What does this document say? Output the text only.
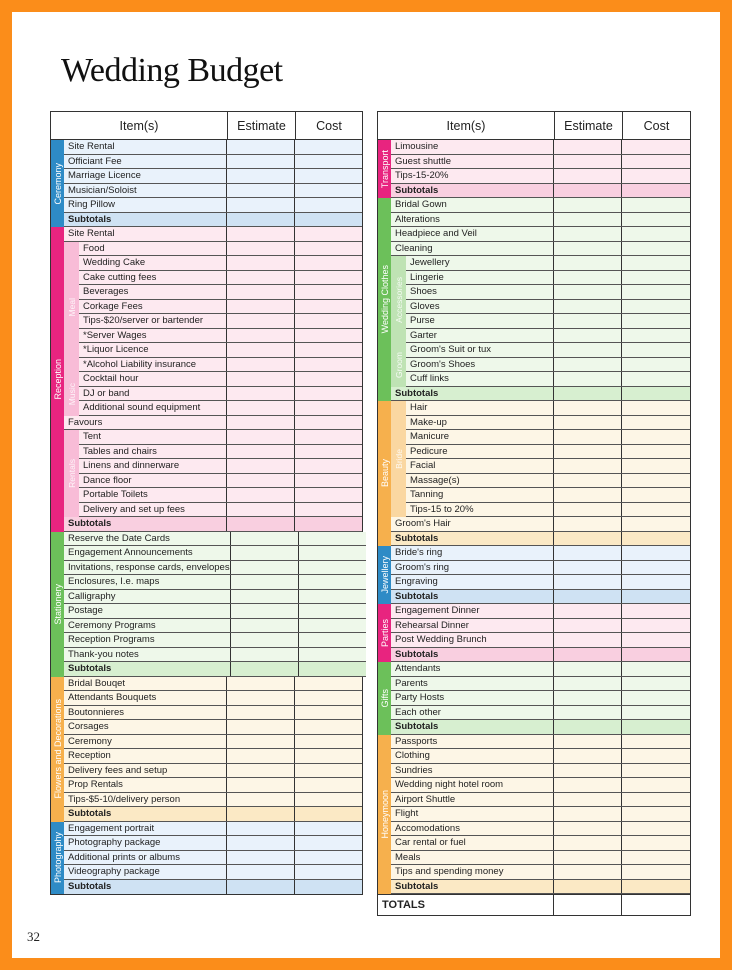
Wedding Budget
Item(s)	Estimate	Cost
Ceremony
Site Rental
Officiant Fee
Marriage Licence
Musician/Soloist
Ring Pillow
Subtotals
Reception
Site Rental
Meal
Food
Wedding Cake
Cake cutting fees
Beverages
Corkage Fees
Tips-$20/server or bartender
*Server Wages
*Liquor Licence
*Alcohol Liability insurance
Music
Cocktail hour
DJ or band
Additional sound equipment
Favours
Rentals
Tent
Tables and chairs
Linens and dinnerware
Dance floor
Portable Toilets
Delivery and set up fees
Subtotals
Stationery
Reserve the Date Cards
Engagement Announcements
Invitations, response cards, envelopes
Enclosures, I.e. maps
Calligraphy
Postage
Ceremony Programs
Reception Programs
Thank-you notes
Subtotals
Flowers and Decorations
Bridal Bouqet
Attendants Bouquets
Boutonnieres
Corsages
Ceremony
Reception
Delivery fees and setup
Prop Rentals
Tips-$5-10/delivery person
Subtotals
Photography
Engagement portrait
Photography package
Additional prints or albums
Videography package
Subtotals
Item(s)	Estimate	Cost
Transport
Limousine
Guest shuttle
Tips-15-20%
Subtotals
Wedding Clothes
Bridal Gown
Alterations
Headpiece and Veil
Cleaning
Accessories
Jewellery
Lingerie
Shoes
Gloves
Purse
Garter
Groom
Groom's Suit or tux
Groom's Shoes
Cuff links
Subtotals
Beauty
Bride
Hair
Make-up
Manicure
Pedicure
Facial
Massage(s)
Tanning
Tips-15 to 20%
Groom's Hair
Subtotals
Jewellery
Bride's ring
Groom's ring
Engraving
Subtotals
Parties
Engagement Dinner
Rehearsal Dinner
Post Wedding Brunch
Subtotals
Gifts
Attendants
Parents
Party Hosts
Each other
Subtotals
Honeymoon
Passports
Clothing
Sundries
Wedding night hotel room
Airport Shuttle
Flight
Accomodations
Car rental or fuel
Meals
Tips and spending money
Subtotals
TOTALS
32
